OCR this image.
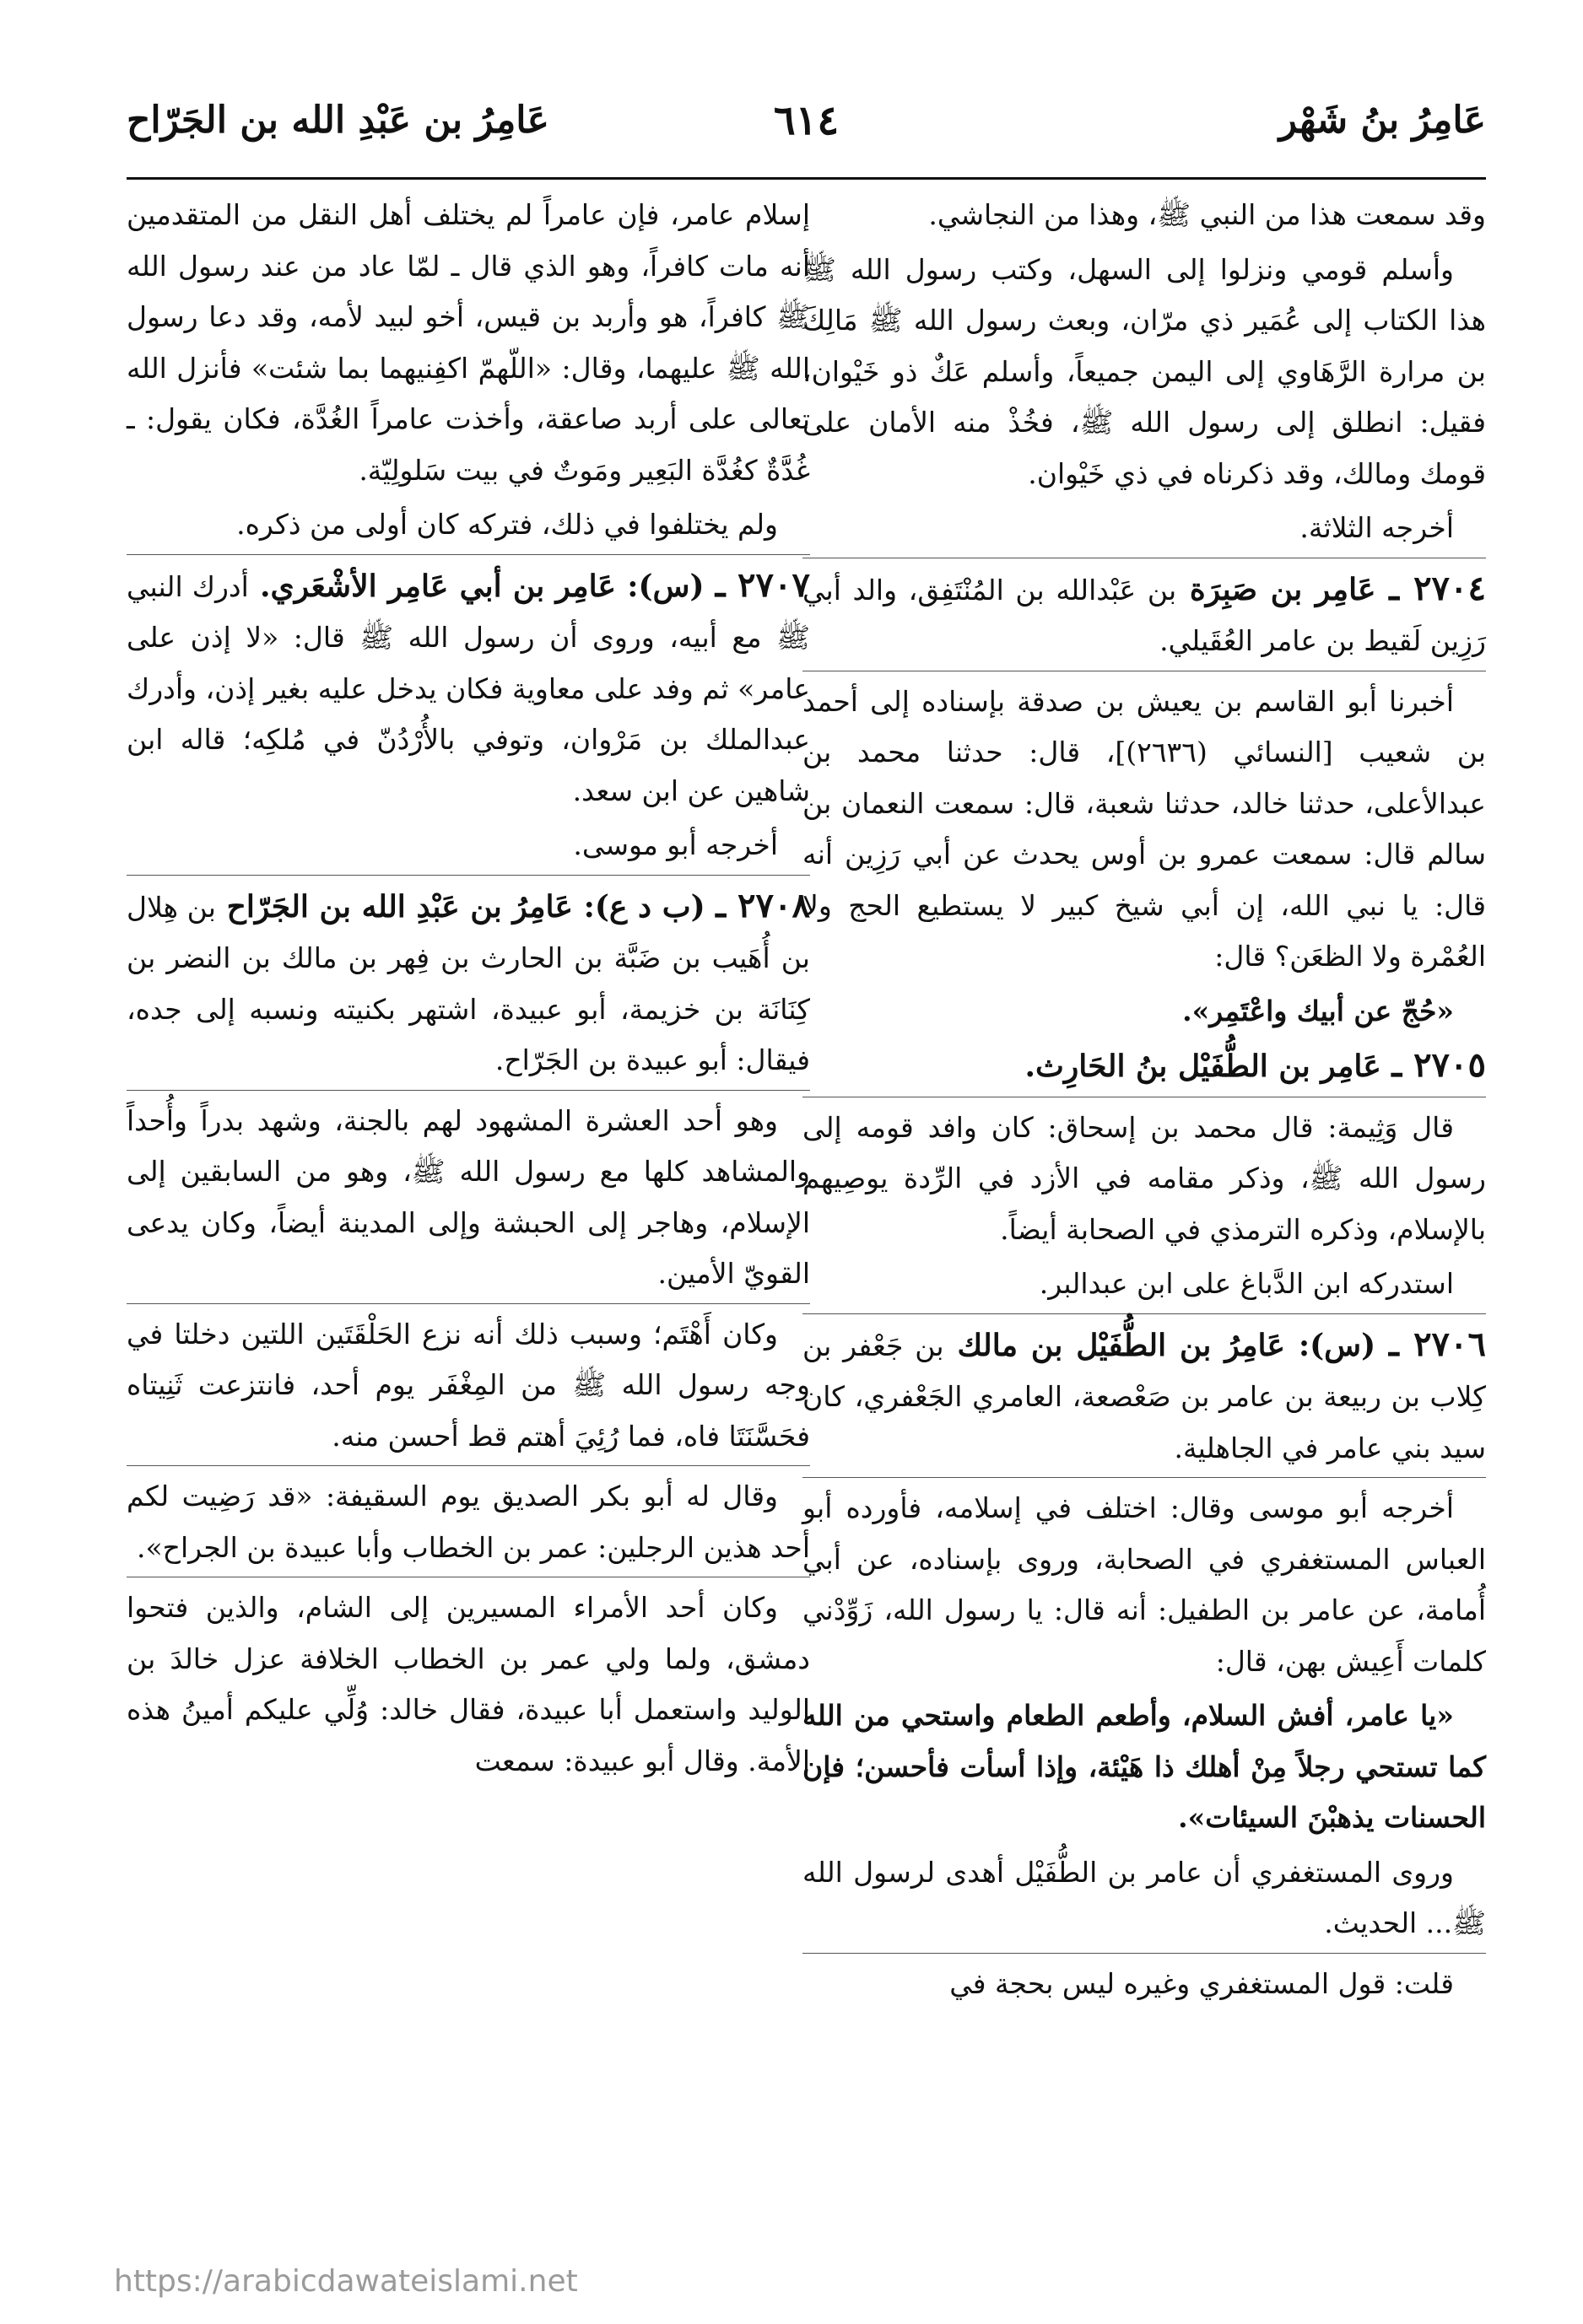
عَامِرُ بنُ شَهْر
٦١٤
عَامِرُ بن عَبْدِ الله بن الجَرّاح

وقد سمعت هذا من النبي ﷺ، وهذا من النجاشي.

وأسلم قومي ونزلوا إلى السهل، وكتب رسول الله ﷺ هذا الكتاب إلى عُمَير ذي مرّان، وبعث رسول الله ﷺ مَالِكَ بن مرارة الرَّهَاوي إلى اليمن جميعاً، وأسلم عَكٌ ذو خَيْوان، فقيل: انطلق إلى رسول الله ﷺ، فخُذْ منه الأمان على قومك ومالك، وقد ذكرناه في ذي خَيْوان.

أخرجه الثلاثة.

٢٧٠٤ ـ عَامِر بن صَبِرَة بن عَبْدالله بن المُنْتَفِق، والد أبي رَزِين لَقيط بن عامر العُقَيلي.

أخبرنا أبو القاسم بن يعيش بن صدقة بإسناده إلى أحمد بن شعيب [النسائي (٢٦٣٦)]، قال: حدثنا محمد بن عبدالأعلى، حدثنا خالد، حدثنا شعبة، قال: سمعت النعمان بن سالم قال: سمعت عمرو بن أوس يحدث عن أبي رَزِين أنه قال: يا نبي الله، إن أبي شيخ كبير لا يستطيع الحج ولا العُمْرة ولا الظعَن؟ قال:

«حُجّ عن أبيك واعْتَمِر».

٢٧٠٥ ـ عَامِر بن الطُّفَيْل بنُ الحَارِث.

قال وَثِيمة: قال محمد بن إسحاق: كان وافد قومه إلى رسول الله ﷺ، وذكر مقامه في الأزد في الرِّدة يوصِيهم بالإسلام، وذكره الترمذي في الصحابة أيضاً.

استدركه ابن الدَّباغ على ابن عبدالبر.

٢٧٠٦ ـ (س): عَامِرُ بن الطُّفَيْل بن مالك بن جَعْفر بن كِلاب بن ربيعة بن عامر بن صَعْصعة، العامري الجَعْفري، كان سيد بني عامر في الجاهلية.

أخرجه أبو موسى وقال: اختلف في إسلامه، فأورده أبو العباس المستغفري في الصحابة، وروى بإسناده، عن أبي أُمامة، عن عامر بن الطفيل: أنه قال: يا رسول الله، زَوِّدْني كلمات أَعِيش بهن، قال:

«يا عامر، أفش السلام، وأطعم الطعام واستحي من الله كما تستحي رجلاً مِنْ أهلك ذا هَيْئة، وإذا أسأت فأحسن؛ فإن الحسنات يذهبْنَ السيئات».

وروى المستغفري أن عامر بن الطُّفَيْل أهدى لرسول الله ﷺ... الحديث.

قلت: قول المستغفري وغيره ليس بحجة في

إسلام عامر، فإن عامراً لم يختلف أهل النقل من المتقدمين أنه مات كافراً، وهو الذي قال ـ لمّا عاد من عند رسول الله ﷺ كافراً، هو وأربد بن قيس، أخو لبيد لأمه، وقد دعا رسول الله ﷺ عليهما، وقال: «اللّهمّ اكفِنيهما بما شئت» فأنزل الله تعالى على أربد صاعقة، وأخذت عامراً الغُدَّة، فكان يقول: ـ غُدَّةٌ كغُدَّة البَعِير ومَوتٌ في بيت سَلولِيّة.

ولم يختلفوا في ذلك، فتركه كان أولى من ذكره.

٢٧٠٧ ـ (س): عَامِر بن أبي عَامِر الأشْعَري. أدرك النبي ﷺ مع أبيه، وروى أن رسول الله ﷺ قال: «لا إذن على عامر» ثم وفد على معاوية فكان يدخل عليه بغير إذن، وأدرك عبدالملك بن مَرْوان، وتوفي بالأُرْدُنّ في مُلكِه؛ قاله ابن شاهين عن ابن سعد.

أخرجه أبو موسى.

٢٧٠٨ ـ (ب د ع): عَامِرُ بن عَبْدِ الله بن الجَرّاح بن هِلال بن أُهَيب بن ضَبَّة بن الحارث بن فِهر بن مالك بن النضر بن كِنَانَة بن خزيمة، أبو عبيدة، اشتهر بكنيته ونسبه إلى جده، فيقال: أبو عبيدة بن الجَرّاح.

وهو أحد العشرة المشهود لهم بالجنة، وشهد بدراً وأُحداً والمشاهد كلها مع رسول الله ﷺ، وهو من السابقين إلى الإسلام، وهاجر إلى الحبشة وإلى المدينة أيضاً، وكان يدعى القويّ الأمين.

وكان أَهْتَم؛ وسبب ذلك أنه نزع الحَلْقَتَين اللتين دخلتا في وجه رسول الله ﷺ من المِغْفَر يوم أحد، فانتزعت ثَنِيتاه فحَسَّنَتَا فاه، فما رُئِيَ أهتم قط أحسن منه.

وقال له أبو بكر الصديق يوم السقيفة: «قد رَضِيت لكم أحد هذين الرجلين: عمر بن الخطاب وأبا عبيدة بن الجراح».

وكان أحد الأمراء المسيرين إلى الشام، والذين فتحوا دمشق، ولما ولي عمر بن الخطاب الخلافة عزل خالدَ بن الوليد واستعمل أبا عبيدة، فقال خالد: وُلِّي عليكم أمينُ هذه الأمة. وقال أبو عبيدة: سمعت

https://arabicdawateislami.net
